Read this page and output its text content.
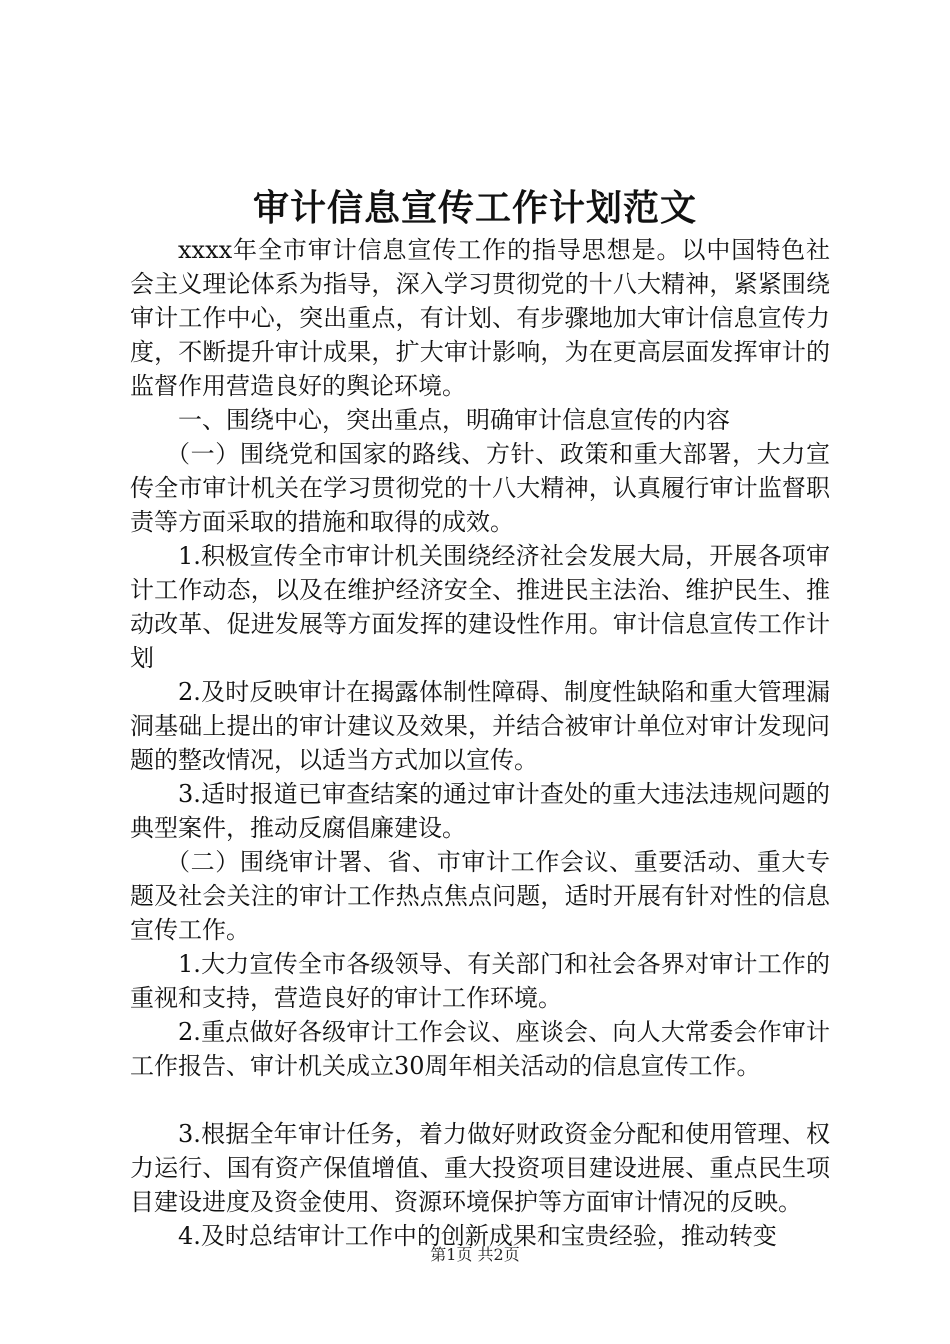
审计信息宣传工作计划范文

xxxx年全市审计信息宣传工作的指导思想是。以中国特色社会主义理论体系为指导，深入学习贯彻党的十八大精神，紧紧围绕审计工作中心，突出重点，有计划、有步骤地加大审计信息宣传力度，不断提升审计成果，扩大审计影响，为在更高层面发挥审计的监督作用营造良好的舆论环境。

一、围绕中心，突出重点，明确审计信息宣传的内容

（一）围绕党和国家的路线、方针、政策和重大部署，大力宣传全市审计机关在学习贯彻党的十八大精神，认真履行审计监督职责等方面采取的措施和取得的成效。

1.积极宣传全市审计机关围绕经济社会发展大局，开展各项审计工作动态，以及在维护经济安全、推进民主法治、维护民生、推动改革、促进发展等方面发挥的建设性作用。审计信息宣传工作计划

2.及时反映审计在揭露体制性障碍、制度性缺陷和重大管理漏洞基础上提出的审计建议及效果，并结合被审计单位对审计发现问题的整改情况，以适当方式加以宣传。

3.适时报道已审查结案的通过审计查处的重大违法违规问题的典型案件，推动反腐倡廉建设。

（二）围绕审计署、省、市审计工作会议、重要活动、重大专题及社会关注的审计工作热点焦点问题，适时开展有针对性的信息宣传工作。

1.大力宣传全市各级领导、有关部门和社会各界对审计工作的重视和支持，营造良好的审计工作环境。

2.重点做好各级审计工作会议、座谈会、向人大常委会作审计工作报告、审计机关成立30周年相关活动的信息宣传工作。

3.根据全年审计任务，着力做好财政资金分配和使用管理、权力运行、国有资产保值增值、重大投资项目建设进展、重点民生项目建设进度及资金使用、资源环境保护等方面审计情况的反映。

4.及时总结审计工作中的创新成果和宝贵经验，推动转变

第1页 共2页
